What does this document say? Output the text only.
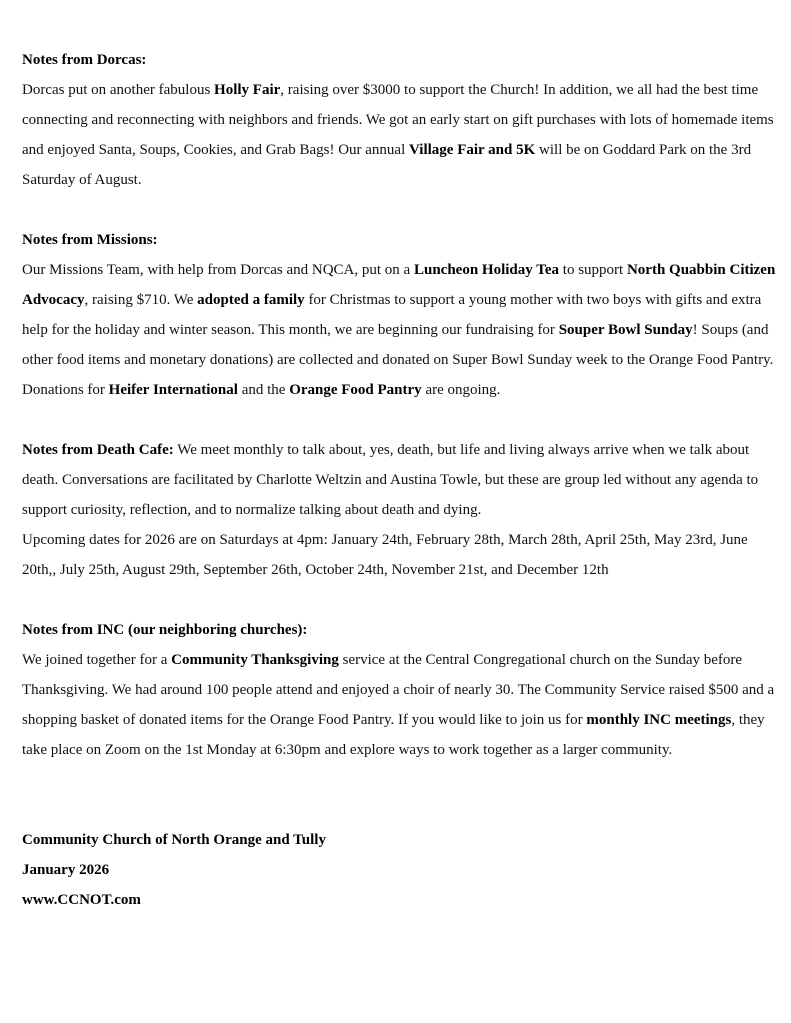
Notes from Dorcas:

Dorcas put on another fabulous Holly Fair, raising over $3000 to support the Church! In addition, we all had the best time connecting and reconnecting with neighbors and friends. We got an early start on gift purchases with lots of homemade items and enjoyed Santa, Soups, Cookies, and Grab Bags! Our annual Village Fair and 5K will be on Goddard Park on the 3rd Saturday of August.

Notes from Missions:

Our Missions Team, with help from Dorcas and NQCA, put on a Luncheon Holiday Tea to support North Quabbin Citizen Advocacy, raising $710. We adopted a family for Christmas to support a young mother with two boys with gifts and extra help for the holiday and winter season. This month, we are beginning our fundraising for Souper Bowl Sunday! Soups (and other food items and monetary donations) are collected and donated on Super Bowl Sunday week to the Orange Food Pantry.

Donations for Heifer International and the Orange Food Pantry are ongoing.

Notes from Death Cafe: We meet monthly to talk about, yes, death, but life and living always arrive when we talk about death. Conversations are facilitated by Charlotte Weltzin and Austina Towle, but these are group led without any agenda to support curiosity, reflection, and to normalize talking about death and dying.

Upcoming dates for 2026 are on Saturdays at 4pm: January 24th, February 28th, March 28th, April 25th, May 23rd, June 20th,, July 25th, August 29th, September 26th, October 24th, November 21st, and December 12th

Notes from INC (our neighboring churches):

We joined together for a Community Thanksgiving service at the Central Congregational church on the Sunday before Thanksgiving. We had around 100 people attend and enjoyed a choir of nearly 30. The Community Service raised $500 and a shopping basket of donated items for the Orange Food Pantry. If you would like to join us for monthly INC meetings, they take place on Zoom on the 1st Monday at 6:30pm and explore ways to work together as a larger community.

Community Church of North Orange and Tully

January 2026

www.CCNOT.com
